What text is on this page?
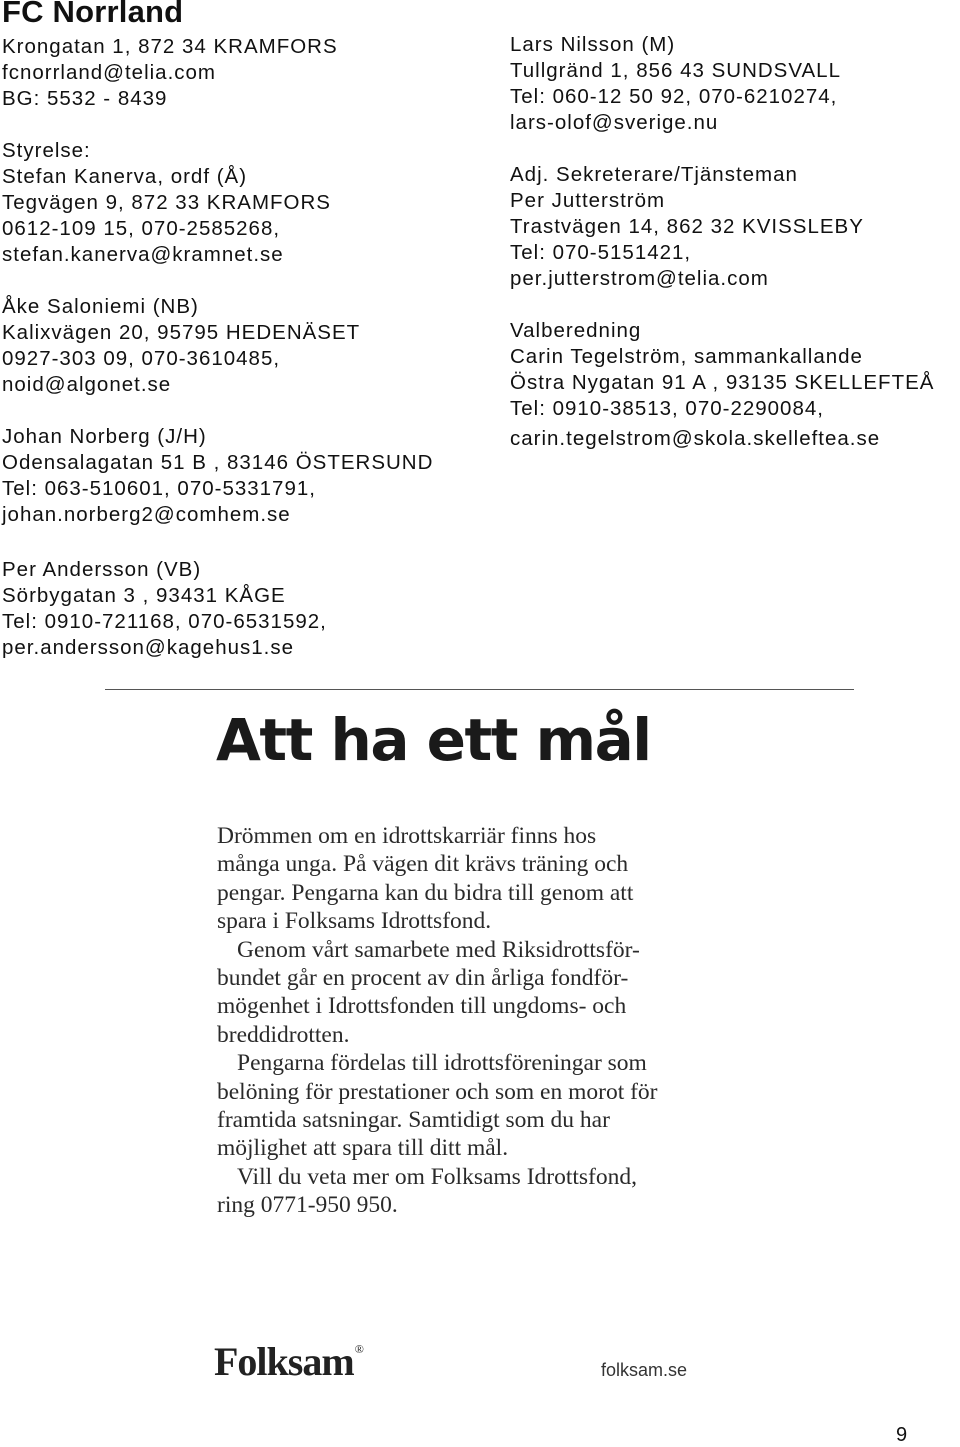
FC Norrland
Krongatan 1, 872 34 KRAMFORS
fcnorrland@telia.com
BG: 5532 - 8439
Styrelse:
Stefan Kanerva, ordf (Å)
Tegvägen 9, 872 33 KRAMFORS
0612-109 15, 070-2585268,
stefan.kanerva@kramnet.se
Åke Saloniemi (NB)
Kalixvägen 20, 95795 HEDENÄSET
0927-303 09, 070-3610485,
noid@algonet.se
Johan Norberg (J/H)
Odensalagatan 51 B , 83146 ÖSTERSUND
Tel: 063-510601, 070-5331791,
johan.norberg2@comhem.se
Per Andersson (VB)
Sörbygatan 3 , 93431 KÅGE
Tel: 0910-721168, 070-6531592,
per.andersson@kagehus1.se
Lars Nilsson (M)
Tullgränd 1, 856 43 SUNDSVALL
Tel: 060-12 50 92, 070-6210274,
lars-olof@sverige.nu
Adj. Sekreterare/Tjänsteman
Per Jutterström
Trastvägen 14, 862 32 KVISSLEBY
Tel: 070-5151421,
per.jutterstrom@telia.com
Valberedning
Carin Tegelström, sammankallande
Östra Nygatan 91 A , 93135 SKELLEFTEÅ
Tel: 0910-38513, 070-2290084,
carin.tegelstrom@skola.skelleftea.se
Att ha ett mål
Drömmen om en idrottskarriär finns hos
många unga. På vägen dit krävs träning och
pengar. Pengarna kan du bidra till genom att
spara i Folksams Idrottsfond.
Genom vårt samarbete med Riksidrottsför-
bundet går en procent av din årliga fondför-
mögenhet i Idrottsfonden till ungdoms- och
breddidrotten.
Pengarna fördelas till idrottsföreningar som
belöning för prestationer och som en morot för
framtida satsningar. Samtidigt som du har
möjlighet att spara till ditt mål.
Vill du veta mer om Folksams Idrottsfond,
ring 0771-950 950.
Folksam®
folksam.se
9
